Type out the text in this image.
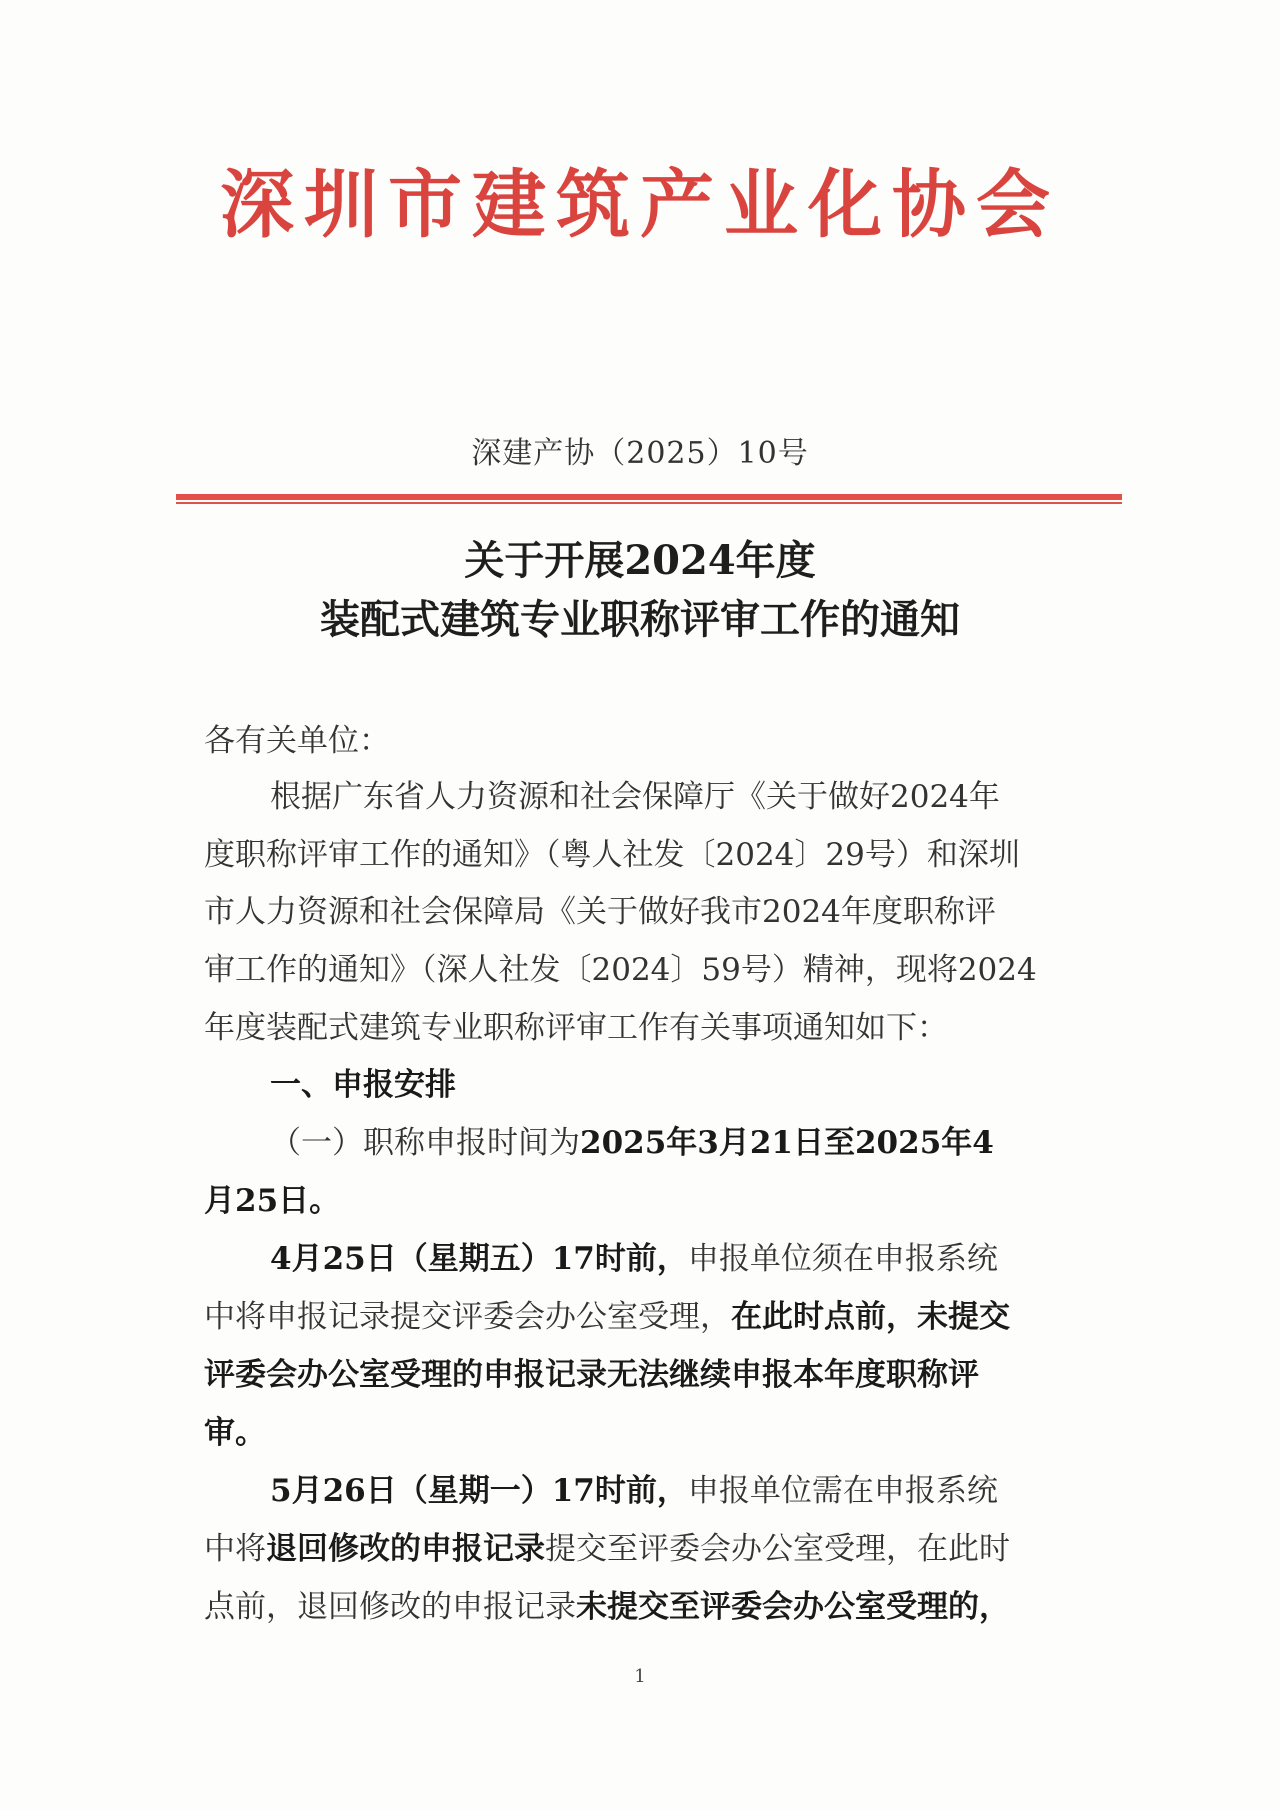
深圳市建筑产业化协会
深建产协（2025）10号
关于开展2024年度
装配式建筑专业职称评审工作的通知
各有关单位：
根据广东省人力资源和社会保障厅《关于做好2024年
度职称评审工作的通知》（粤人社发〔2024〕29号）和深圳
市人力资源和社会保障局《关于做好我市2024年度职称评
审工作的通知》（深人社发〔2024〕59号）精神，现将2024
年度装配式建筑专业职称评审工作有关事项通知如下：
一、申报安排
（一）职称申报时间为2025年3月21日至2025年4
月25日。
4月25日（星期五）17时前，申报单位须在申报系统
中将申报记录提交评委会办公室受理，在此时点前，未提交
评委会办公室受理的申报记录无法继续申报本年度职称评
审。
5月26日（星期一）17时前，申报单位需在申报系统
中将退回修改的申报记录提交至评委会办公室受理，在此时
点前，退回修改的申报记录未提交至评委会办公室受理的，
1
